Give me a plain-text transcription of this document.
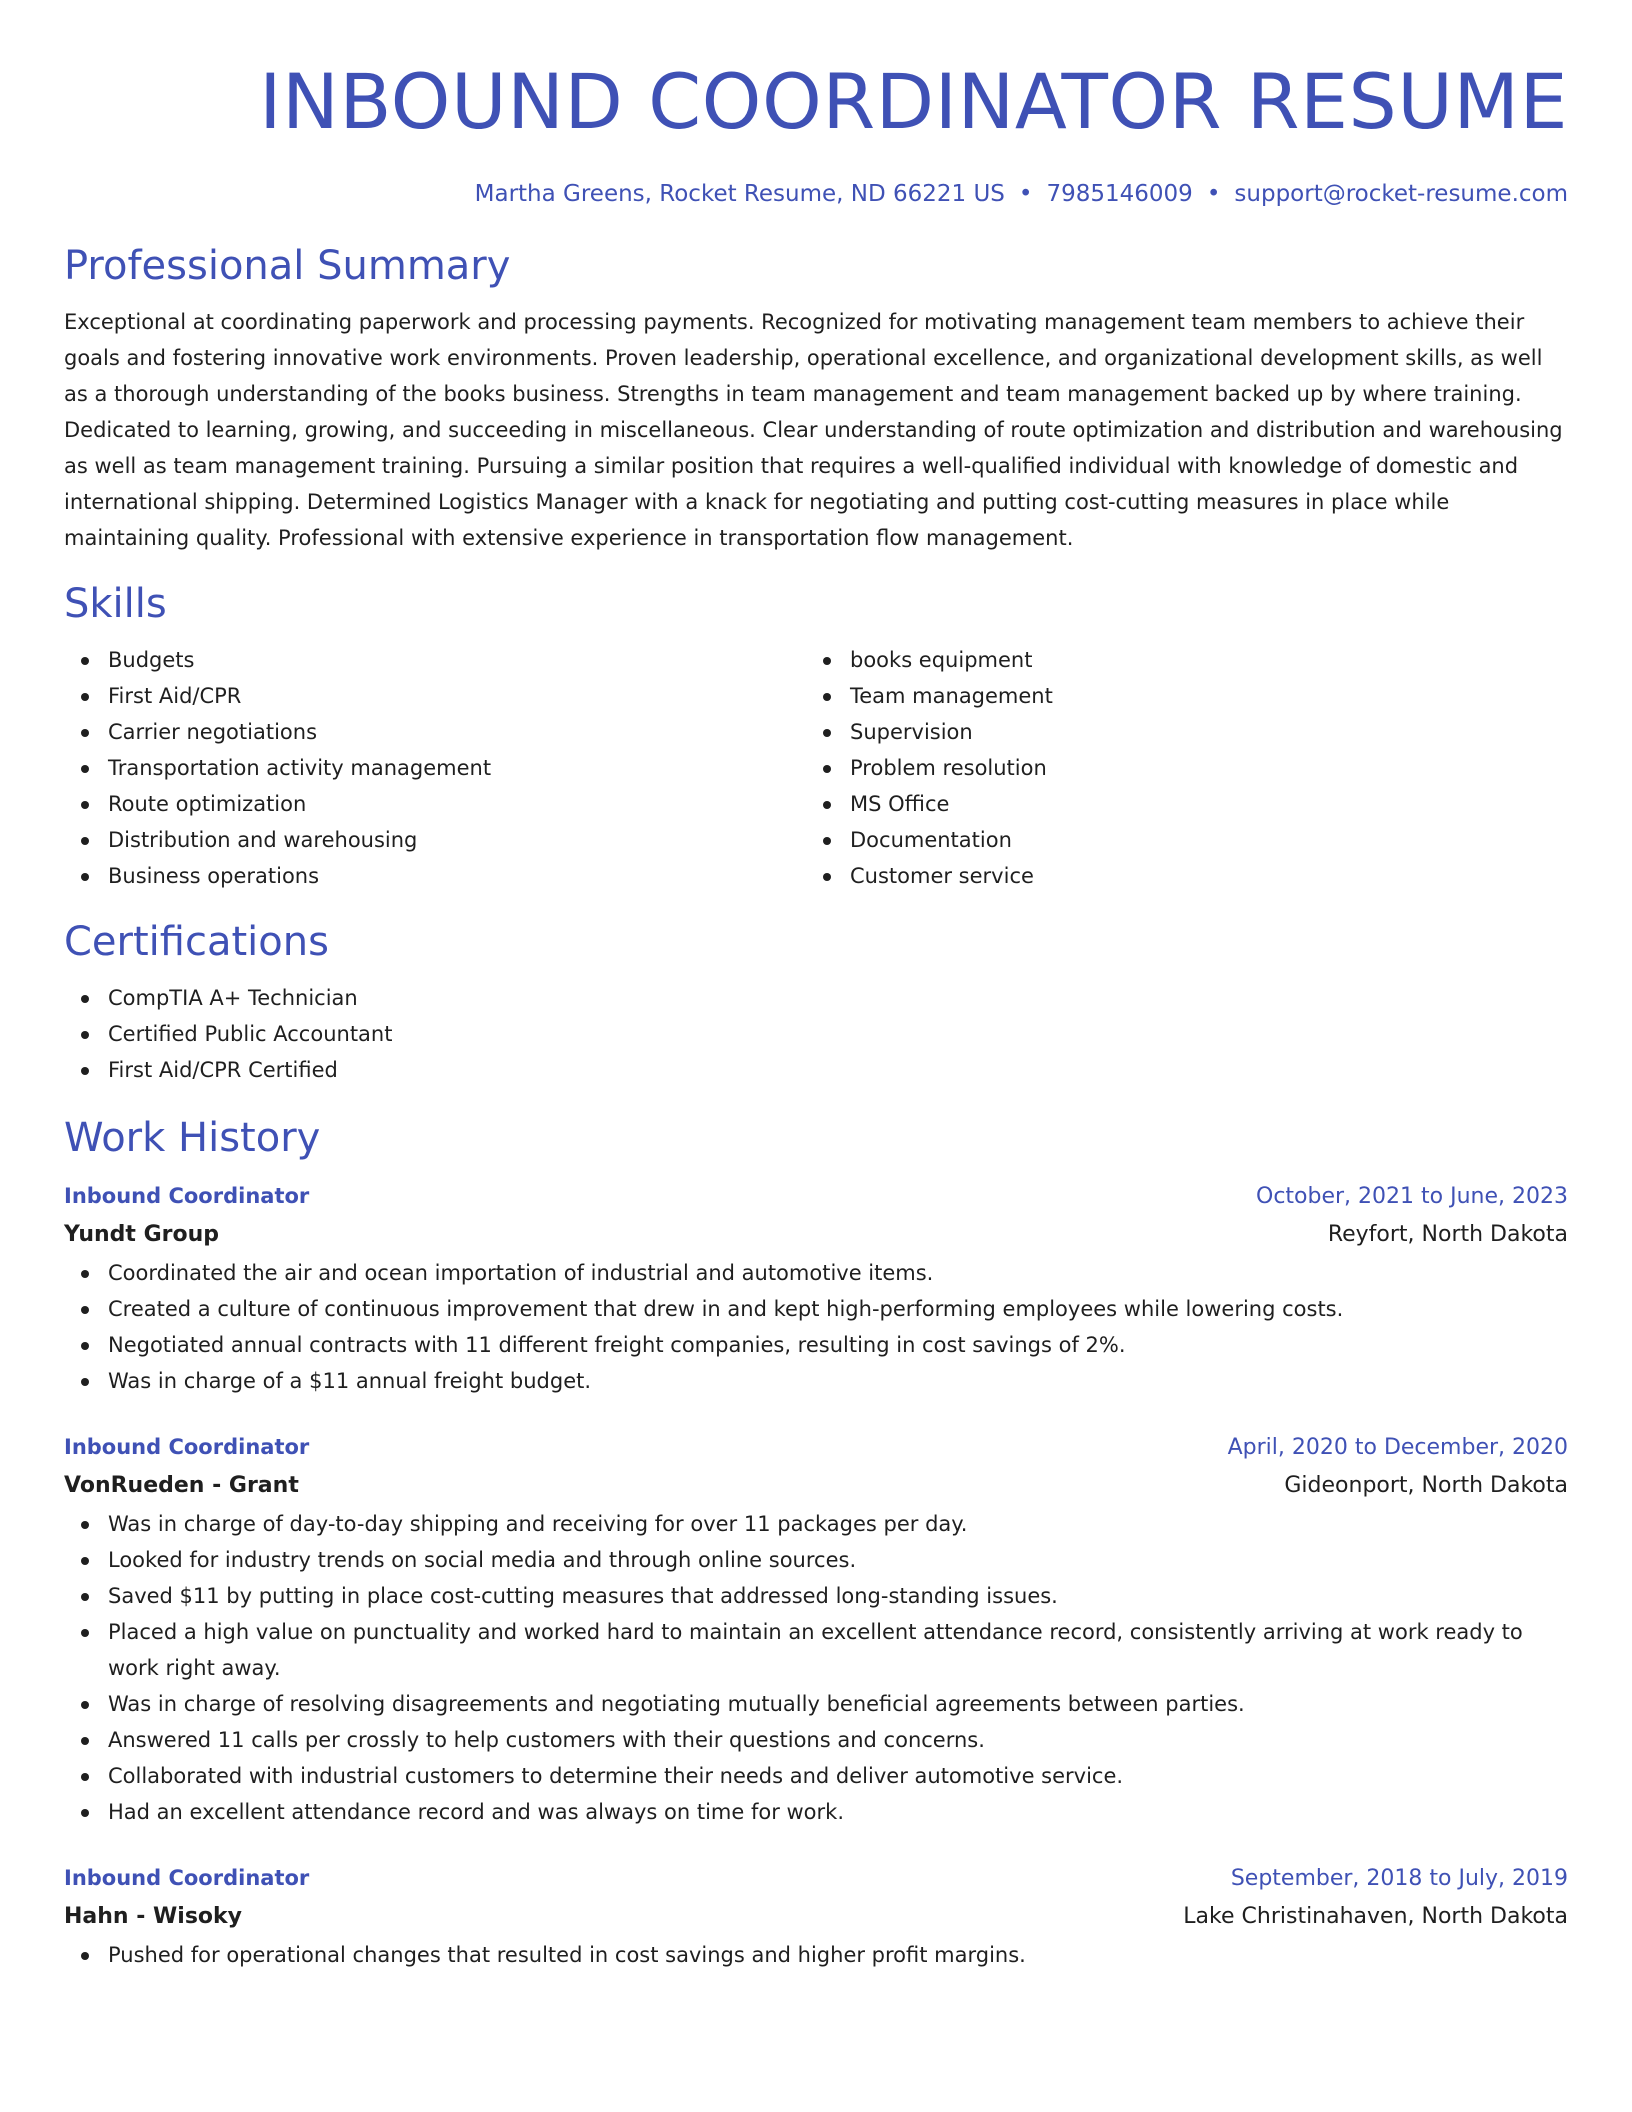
INBOUND COORDINATOR RESUME
Martha Greens, Rocket Resume, ND 66221 US • 7985146009 • support@rocket-resume.com
Professional Summary

Exceptional at coordinating paperwork and processing payments. Recognized for motivating management team members to achieve their goals and fostering innovative work environments. Proven leadership, operational excellence, and organizational development skills, as well as a thorough understanding of the books business. Strengths in team management and team management backed up by where training. Dedicated to learning, growing, and succeeding in miscellaneous. Clear understanding of route optimization and distribution and warehousing as well as team management training. Pursuing a similar position that requires a well-qualified individual with knowledge of domestic and international shipping. Determined Logistics Manager with a knack for negotiating and putting cost-cutting measures in place while maintaining quality. Professional with extensive experience in transportation flow management.

Skills
Budgets
First Aid/CPR
Carrier negotiations
Transportation activity management
Route optimization
Distribution and warehousing
Business operations
books equipment
Team management
Supervision
Problem resolution
MS Office
Documentation
Customer service
Certifications
CompTIA A+ Technician
Certified Public Accountant
First Aid/CPR Certified
Work History
Inbound Coordinator	October, 2021 to June, 2023
Yundt Group	Reyfort, North Dakota
Coordinated the air and ocean importation of industrial and automotive items.
Created a culture of continuous improvement that drew in and kept high-performing employees while lowering costs.
Negotiated annual contracts with 11 different freight companies, resulting in cost savings of 2%.
Was in charge of a $11 annual freight budget.
Inbound Coordinator	April, 2020 to December, 2020
VonRueden - Grant	Gideonport, North Dakota
Was in charge of day-to-day shipping and receiving for over 11 packages per day.
Looked for industry trends on social media and through online sources.
Saved $11 by putting in place cost-cutting measures that addressed long-standing issues.
Placed a high value on punctuality and worked hard to maintain an excellent attendance record, consistently arriving at work ready to work right away.
Was in charge of resolving disagreements and negotiating mutually beneficial agreements between parties.
Answered 11 calls per crossly to help customers with their questions and concerns.
Collaborated with industrial customers to determine their needs and deliver automotive service.
Had an excellent attendance record and was always on time for work.
Inbound Coordinator	September, 2018 to July, 2019
Hahn - Wisoky	Lake Christinahaven, North Dakota
Pushed for operational changes that resulted in cost savings and higher profit margins.
